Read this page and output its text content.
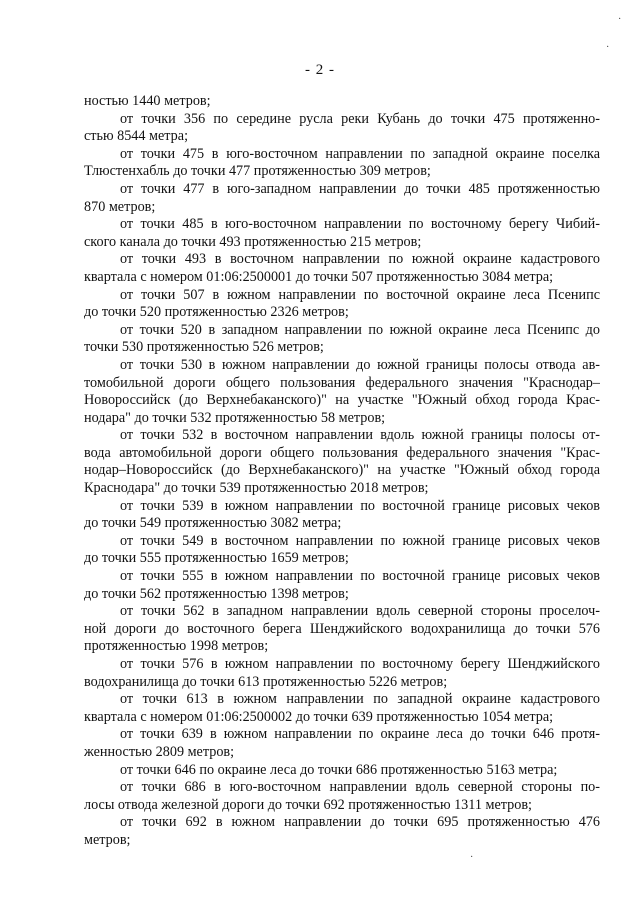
- 2 -
ностью 1440 метров;
от точки 356 по середине русла реки Кубань до точки 475 протяженно-
стью 8544 метра;
от точки 475 в юго-восточном направлении по западной окраине поселка
Тлюстенхабль до точки 477 протяженностью 309 метров;
от точки 477 в юго-западном направлении до точки 485 протяженностью
870 метров;
от точки 485 в юго-восточном направлении по восточному берегу Чибий-
ского канала до точки 493 протяженностью 215 метров;
от точки 493 в восточном направлении по южной окраине кадастрового
квартала с номером 01:06:2500001 до точки 507 протяженностью 3084 метра;
от точки 507 в южном направлении по восточной окраине леса Псенипс
до точки 520 протяженностью 2326 метров;
от точки 520 в западном направлении по южной окраине леса Псенипс до
точки 530 протяженностью 526 метров;
от точки 530 в южном направлении до южной границы полосы отвода ав-
томобильной дороги общего пользования федерального значения "Краснодар–
Новороссийск (до Верхнебаканского)" на участке "Южный обход города Крас-
нодара" до точки 532 протяженностью 58 метров;
от точки 532 в восточном направлении вдоль южной границы полосы от-
вода автомобильной дороги общего пользования федерального значения "Крас-
нодар–Новороссийск (до Верхнебаканского)" на участке "Южный обход города
Краснодара" до точки 539 протяженностью 2018 метров;
от точки 539 в южном направлении по восточной границе рисовых чеков
до точки 549 протяженностью 3082 метра;
от точки 549 в восточном направлении по южной границе рисовых чеков
до точки 555 протяженностью 1659 метров;
от точки 555 в южном направлении по восточной границе рисовых чеков
до точки 562 протяженностью 1398 метров;
от точки 562 в западном направлении вдоль северной стороны проселоч-
ной дороги до восточного берега Шенджийского водохранилища до точки 576
протяженностью 1998 метров;
от точки 576 в южном направлении по восточному берегу Шенджийского
водохранилища до точки 613 протяженностью 5226 метров;
от точки 613 в южном направлении по западной окраине кадастрового
квартала с номером 01:06:2500002 до точки 639 протяженностью 1054 метра;
от точки 639 в южном направлении по окраине леса до точки 646 протя-
женностью 2809 метров;
от точки 646 по окраине леса до точки 686 протяженностью 5163 метра;
от точки 686 в юго-восточном направлении вдоль северной стороны по-
лосы отвода железной дороги до точки 692 протяженностью 1311 метров;
от точки 692 в южном направлении до точки 695 протяженностью 476
метров;
·
·
·
